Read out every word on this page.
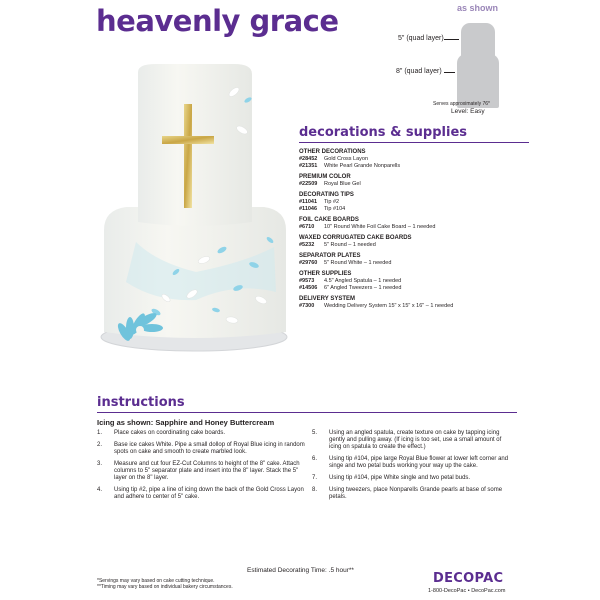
heavenly grace	as shown
5" (quad layer)
8" (quad layer)
Serves approximately 76*
Level: Easy
decorations & supplies
OTHER DECORATIONS
#28452 Gold Cross Layon
#21351 White Pearl Grande Nonparells
PREMIUM COLOR
#22509 Royal Blue Gel
DECORATING TIPS
#11041 Tip #2
#11046 Tip #104
FOIL CAKE BOARDS
#6710 10" Round White Foil Cake Board – 1 needed
WAXED CORRUGATED CAKE BOARDS
#5232 5" Round – 1 needed
SEPARATOR PLATES
#29760 5" Round White – 1 needed
OTHER SUPPLIES
#9573 4.5" Angled Spatula – 1 needed
#14506 6" Angled Tweezers – 1 needed
DELIVERY SYSTEM
#7300 Wedding Delivery System 15" x 15" x 16" – 1 needed
instructions
Icing as shown: Sapphire and Honey Buttercream
1. Place cakes on coordinating cake boards.
2. Base ice cakes White. Pipe a small dollop of Royal Blue icing in random spots on cake and smooth to create marbled look.
3. Measure and cut four EZ-Cut Columns to height of the 8" cake. Attach columns to 5" separator plate and insert into the 8" layer. Stack the 5" layer on the 8" layer.
4. Using tip #2, pipe a line of icing down the back of the Gold Cross Layon and adhere to center of 5" cake.
5. Using an angled spatula, create texture on cake by tapping icing gently and pulling away. (If icing is too set, use a small amount of icing on spatula to create the effect.)
6. Using tip #104, pipe large Royal Blue flower at lower left corner and singe and two petal buds working your way up the cake.
7. Using tip #104, pipe White single and two petal buds.
8. Using tweezers, place Nonparells Grande pearls at base of some petals.
Estimated Decorating Time: .5 hour**
*Servings may vary based on cake cutting technique.
**Timing may vary based on individual bakery circumstances.
DECOPAC
1-800-DecoPac • DecoPac.com
